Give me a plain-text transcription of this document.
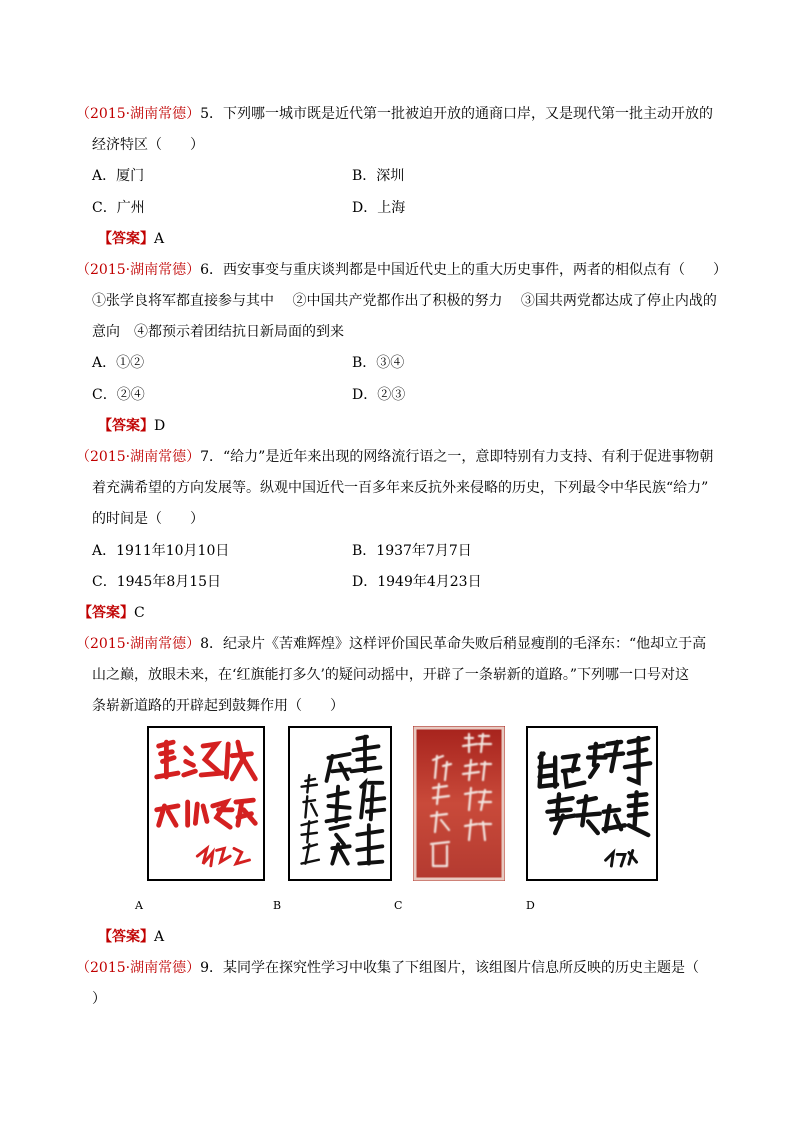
（2015·湖南常德）5．下列哪一城市既是近代第一批被迫开放的通商口岸，又是现代第一批主动开放的
经济特区（　　）
A．厦门	B．深圳
C．广州	D．上海
【答案】A
（2015·湖南常德）6．西安事变与重庆谈判都是中国近代史上的重大历史事件，两者的相似点有（　　）
①张学良将军都直接参与其中　 ②中国共产党都作出了积极的努力　 ③国共两党都达成了停止内战的
意向　④都预示着团结抗日新局面的到来
A．①②	B．③④
C．②④	D．②③
【答案】D
（2015·湖南常德）7．“给力”是近年来出现的网络流行语之一，意即特别有力支持、有利于促进事物朝
着充满希望的方向发展等。纵观中国近代一百多年来反抗外来侵略的历史，下列最令中华民族“给力”
的时间是（　　）
A．1911年10月10日	B．1937年7月7日
C．1945年8月15日	D．1949年4月23日
【答案】C
（2015·湖南常德）8．纪录片《苦难辉煌》这样评价国民革命失败后稍显瘦削的毛泽东：“他却立于高
山之巅，放眼未来，在‘红旗能打多久’的疑问动摇中，开辟了一条崭新的道路。”下列哪一口号对这
条崭新道路的开辟起到鼓舞作用（　　）
A	B	C	D
【答案】A
（2015·湖南常德）9．某同学在探究性学习中收集了下组图片，该组图片信息所反映的历史主题是（
）
